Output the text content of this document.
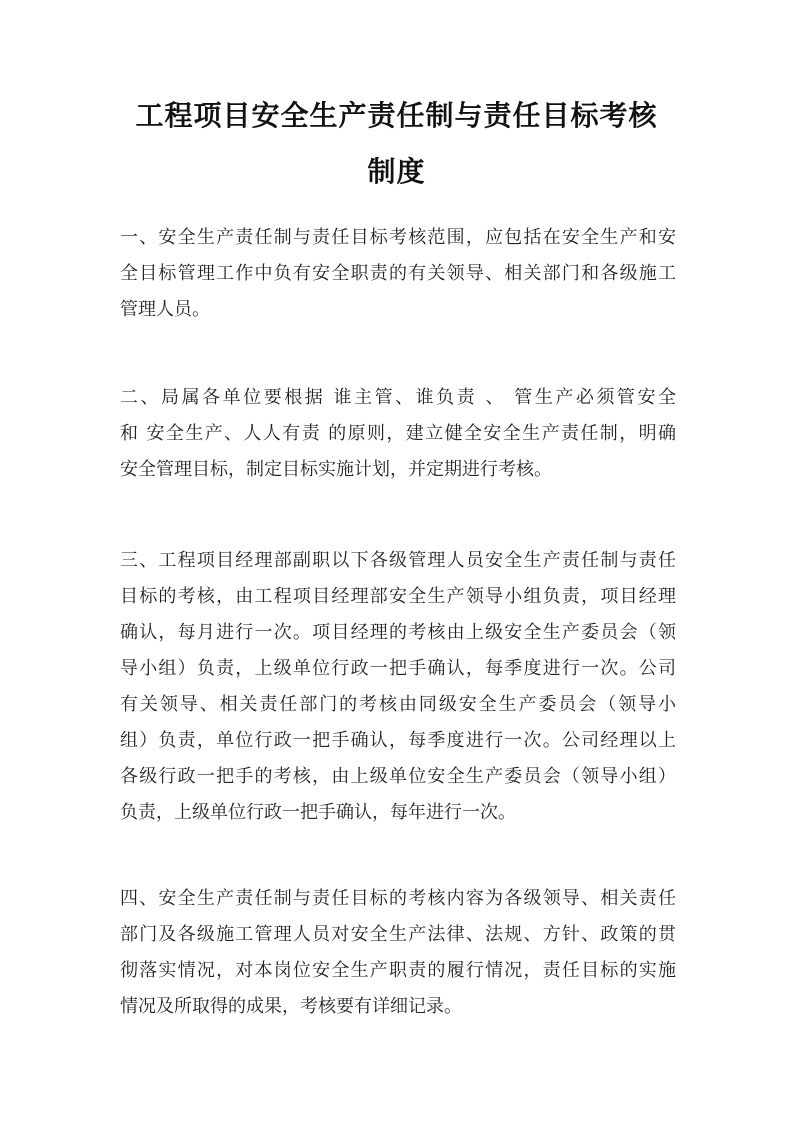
工程项目安全生产责任制与责任目标考核
制度
一、安全生产责任制与责任目标考核范围，应包括在安全生产和安
全目标管理工作中负有安全职责的有关领导、相关部门和各级施工
管理人员。
二、局属各单位要根据 谁主管、谁负责 、 管生产必须管安全
和 安全生产、人人有责 的原则，建立健全安全生产责任制，明确
安全管理目标，制定目标实施计划，并定期进行考核。
三、工程项目经理部副职以下各级管理人员安全生产责任制与责任
目标的考核，由工程项目经理部安全生产领导小组负责，项目经理
确认，每月进行一次。项目经理的考核由上级安全生产委员会（领
导小组）负责，上级单位行政一把手确认，每季度进行一次。公司
有关领导、相关责任部门的考核由同级安全生产委员会（领导小
组）负责，单位行政一把手确认，每季度进行一次。公司经理以上
各级行政一把手的考核，由上级单位安全生产委员会（领导小组）
负责，上级单位行政一把手确认，每年进行一次。
四、安全生产责任制与责任目标的考核内容为各级领导、相关责任
部门及各级施工管理人员对安全生产法律、法规、方针、政策的贯
彻落实情况，对本岗位安全生产职责的履行情况，责任目标的实施
情况及所取得的成果，考核要有详细记录。
